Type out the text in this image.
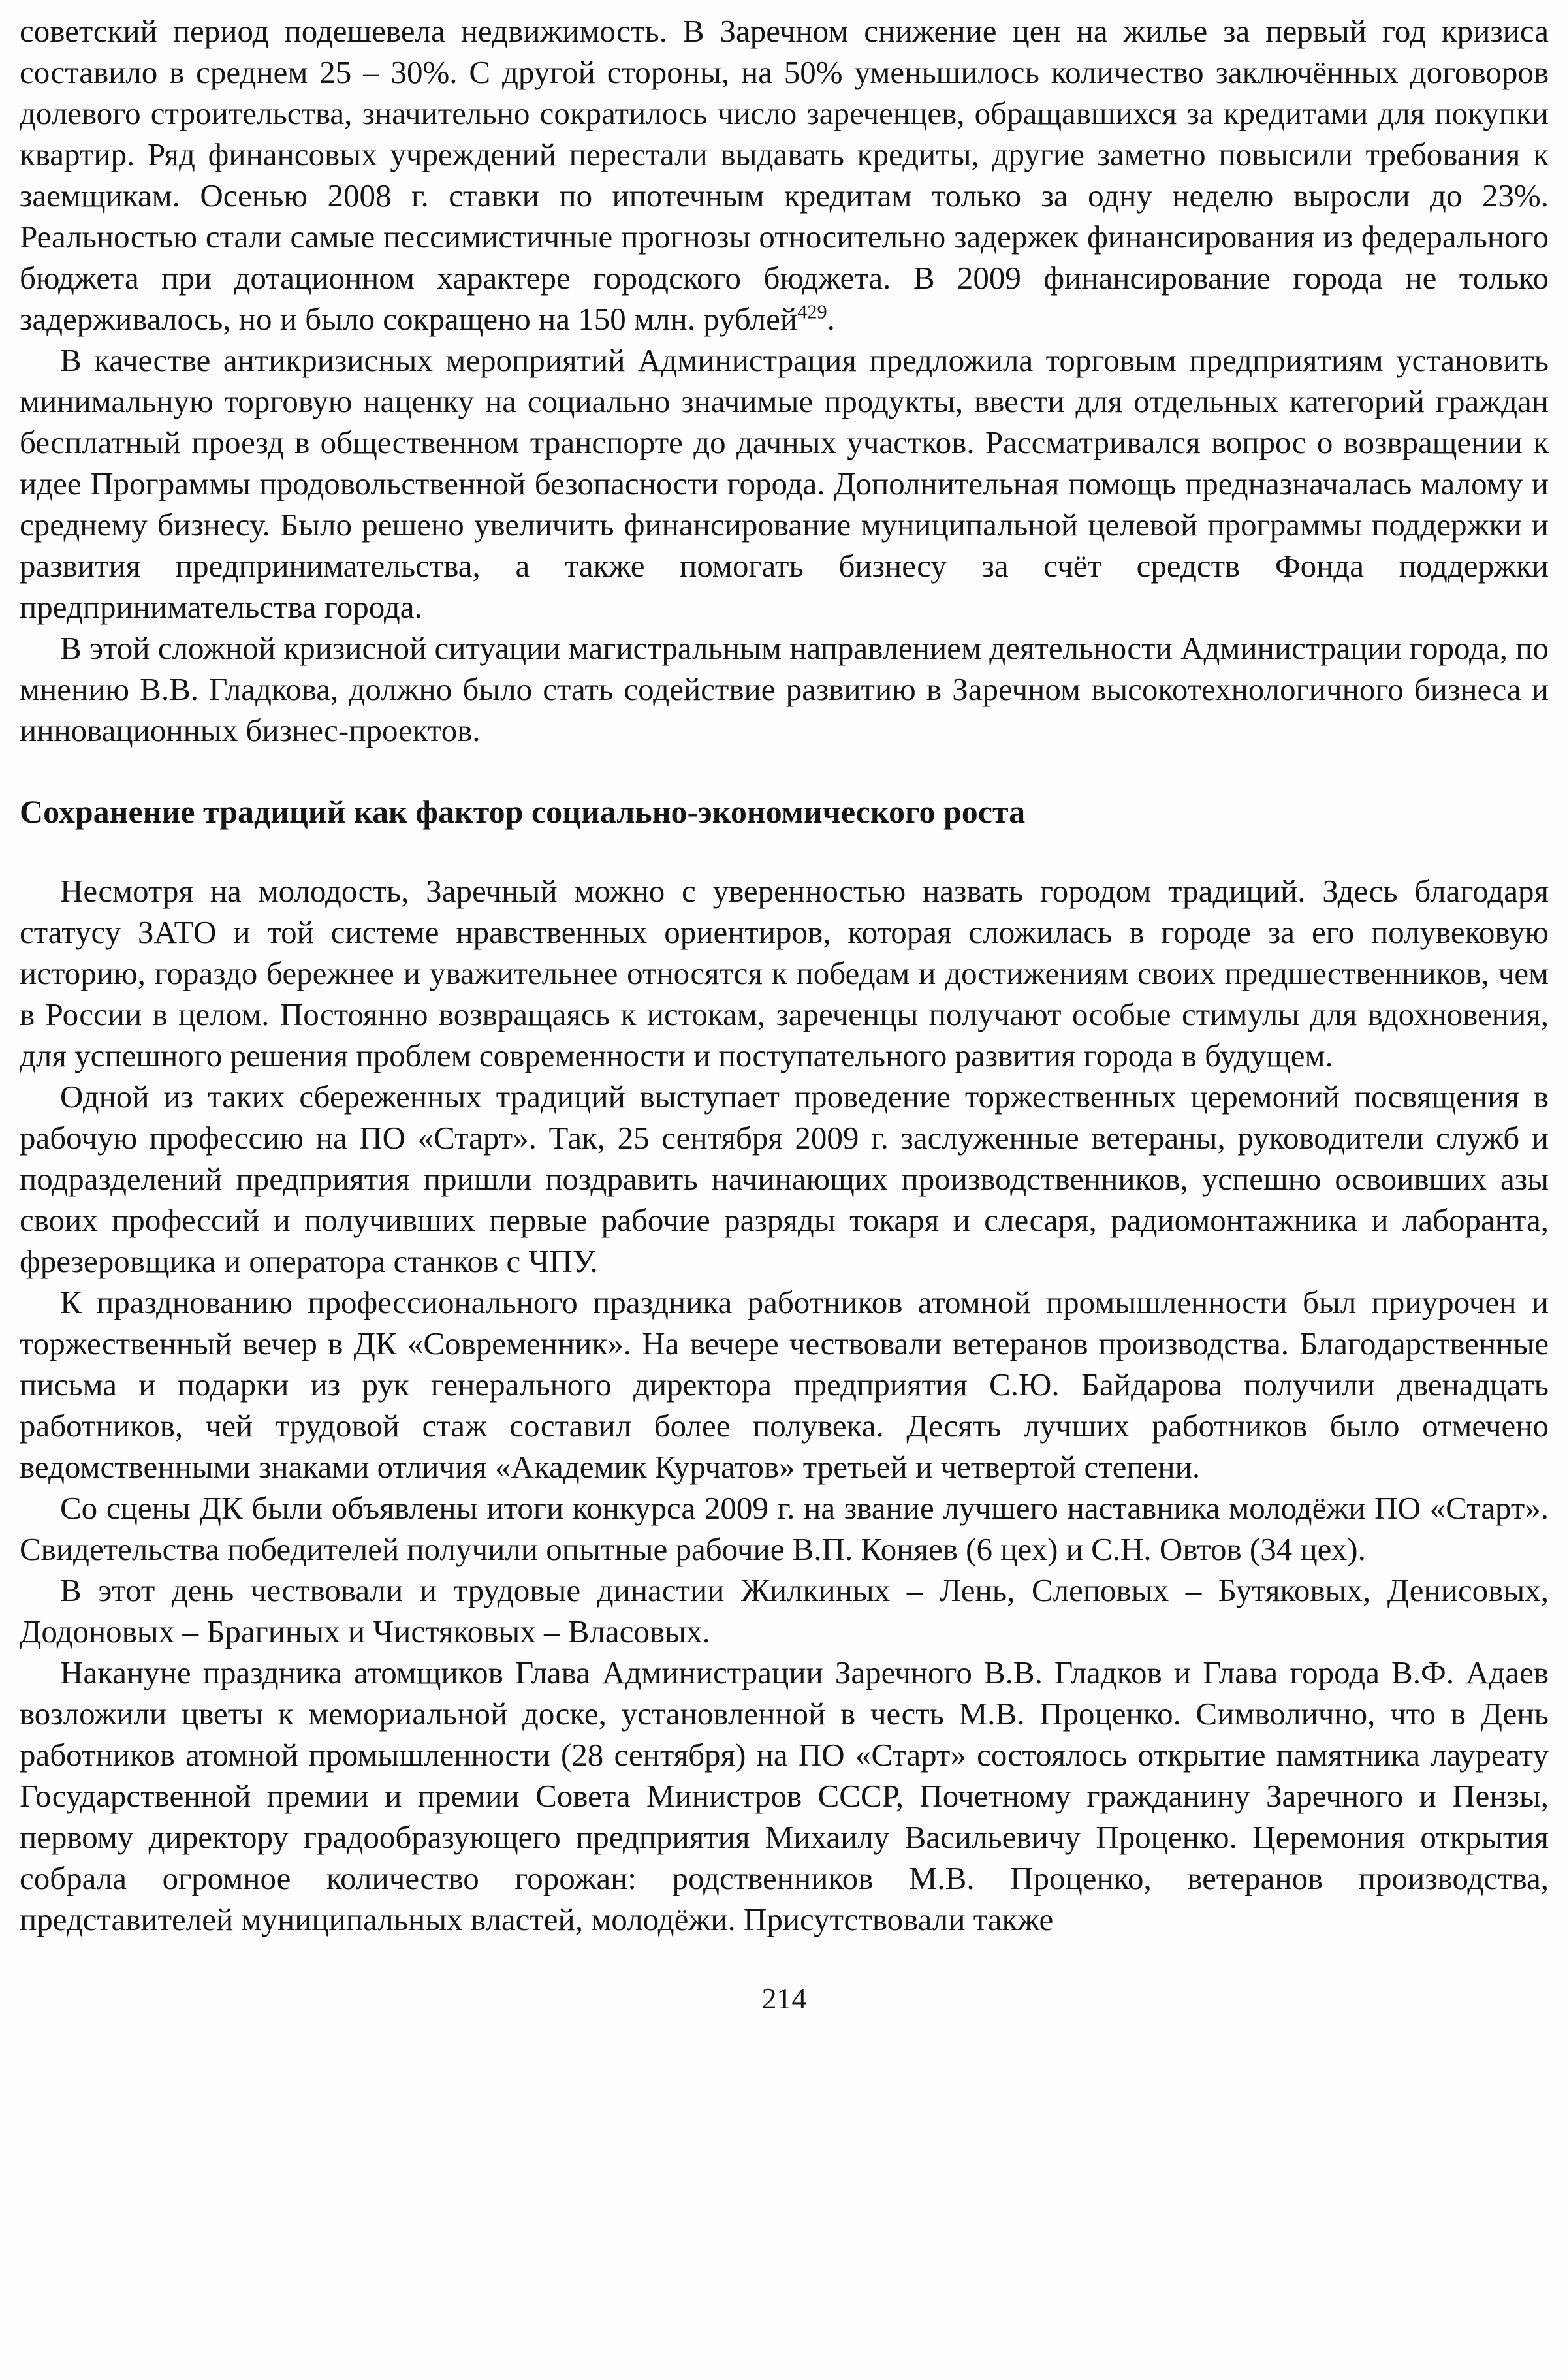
советский период подешевела недвижимость. В Заречном снижение цен на жилье за первый год кризиса составило в среднем 25 – 30%. С другой стороны, на 50% уменьшилось количество заключённых договоров долевого строительства, значительно сократилось число зареченцев, обращавшихся за кредитами для покупки квартир. Ряд финансовых учреждений перестали выдавать кредиты, другие заметно повысили требования к заемщикам. Осенью 2008 г. ставки по ипотечным кредитам только за одну неделю выросли до 23%. Реальностью стали самые пессимистичные прогнозы относительно задержек финансирования из федерального бюджета при дотационном характере городского бюджета. В 2009 финансирование города не только задерживалось, но и было сокращено на 150 млн. рублей$^{429}$.

В качестве антикризисных мероприятий Администрация предложила торговым предприятиям установить минимальную торговую наценку на социально значимые продукты, ввести для отдельных категорий граждан бесплатный проезд в общественном транспорте до дачных участков. Рассматривался вопрос о возвращении к идее Программы продовольственной безопасности города. Дополнительная помощь предназначалась малому и среднему бизнесу. Было решено увеличить финансирование муниципальной целевой программы поддержки и развития предпринимательства, а также помогать бизнесу за счёт средств Фонда поддержки предпринимательства города.

В этой сложной кризисной ситуации магистральным направлением деятельности Администрации города, по мнению В.В. Гладкова, должно было стать содействие развитию в Заречном высокотехнологичного бизнеса и инновационных бизнес-проектов.

Сохранение традиций как фактор социально-экономического роста

Несмотря на молодость, Заречный можно с уверенностью назвать городом традиций. Здесь благодаря статусу ЗАТО и той системе нравственных ориентиров, которая сложилась в городе за его полувековую историю, гораздо бережнее и уважительнее относятся к победам и достижениям своих предшественников, чем в России в целом. Постоянно возвращаясь к истокам, зареченцы получают особые стимулы для вдохновения, для успешного решения проблем современности и поступательного развития города в будущем.

Одной из таких сбереженных традиций выступает проведение торжественных церемоний посвящения в рабочую профессию на ПО «Старт». Так, 25 сентября 2009 г. заслуженные ветераны, руководители служб и подразделений предприятия пришли поздравить начинающих производственников, успешно освоивших азы своих профессий и получивших первые рабочие разряды токаря и слесаря, радиомонтажника и лаборанта, фрезеровщика и оператора станков с ЧПУ.

К празднованию профессионального праздника работников атомной промышленности был приурочен и торжественный вечер в ДК «Современник». На вечере чествовали ветеранов производства. Благодарственные письма и подарки из рук генерального директора предприятия С.Ю. Байдарова получили двенадцать работников, чей трудовой стаж составил более полувека. Десять лучших работников было отмечено ведомственными знаками отличия «Академик Курчатов» третьей и четвертой степени.

Со сцены ДК были объявлены итоги конкурса 2009 г. на звание лучшего наставника молодёжи ПО «Старт». Свидетельства победителей получили опытные рабочие В.П. Коняев (6 цех) и С.Н. Овтов (34 цех).

В этот день чествовали и трудовые династии Жилкиных – Лень, Слеповых – Бутяковых, Денисовых, Додоновых – Брагиных и Чистяковых – Власовых.

Накануне праздника атомщиков Глава Администрации Заречного В.В. Гладков и Глава города В.Ф. Адаев возложили цветы к мемориальной доске, установленной в честь М.В. Проценко. Символично, что в День работников атомной промышленности (28 сентября) на ПО «Старт» состоялось открытие памятника лауреату Государственной премии и премии Совета Министров СССР, Почетному гражданину Заречного и Пензы, первому директору градообразующего предприятия Михаилу Васильевичу Проценко. Церемония открытия собрала огромное количество горожан: родственников М.В. Проценко, ветеранов производства, представителей муниципальных властей, молодёжи. Присутствовали также

214
